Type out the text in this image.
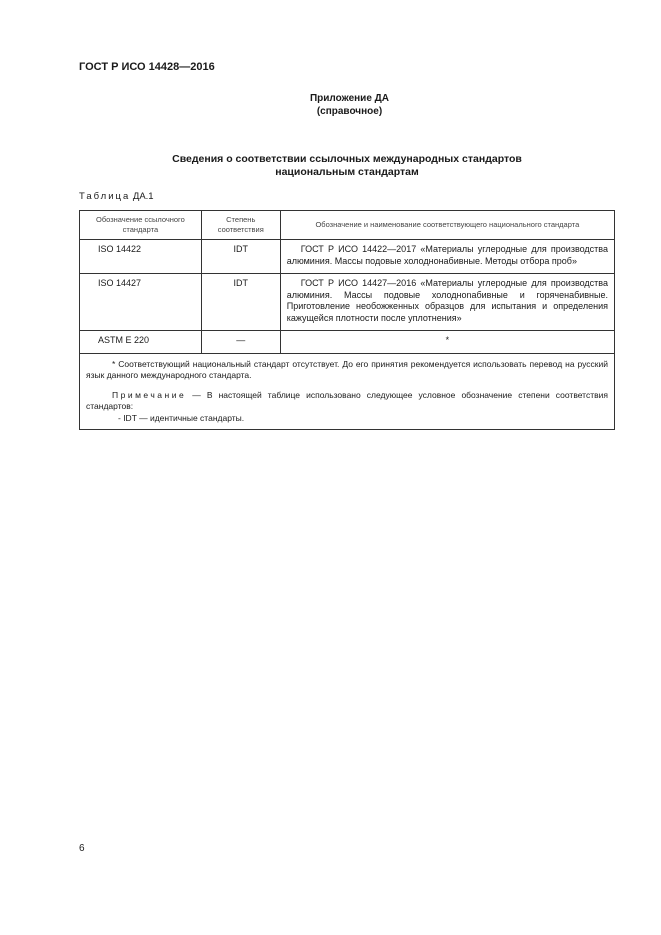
ГОСТ Р ИСО 14428—2016
Приложение ДА
(справочное)
Сведения о соответствии ссылочных международных стандартов
национальным стандартам
Таблица ДА.1
Обозначение ссылочного стандарта	Степень соответствия	Обозначение и наименование соответствующего национального стандарта
ISO 14422	IDT	ГОСТ Р ИСО 14422—2017 «Материалы углеродные для производства алюминия. Массы подовые холоднонабивные. Методы отбора проб»
ISO 14427	IDT	ГОСТ Р ИСО 14427—2016 «Материалы углеродные для производства алюминия. Массы подовые холодноnaбивные и горяченабивные. Приготовление необожженных образцов для испытания и определения кажущейся плотности после уплотнения»
ASTM E 220	—	*

* Соответствующий национальный стандарт отсутствует. До его принятия рекомендуется использовать перевод на русский язык данного международного стандарта.

Примечание — В настоящей таблице использовано следующее условное обозначение степени соответствия стандартов:

- IDT — идентичные стандарты.		

6
